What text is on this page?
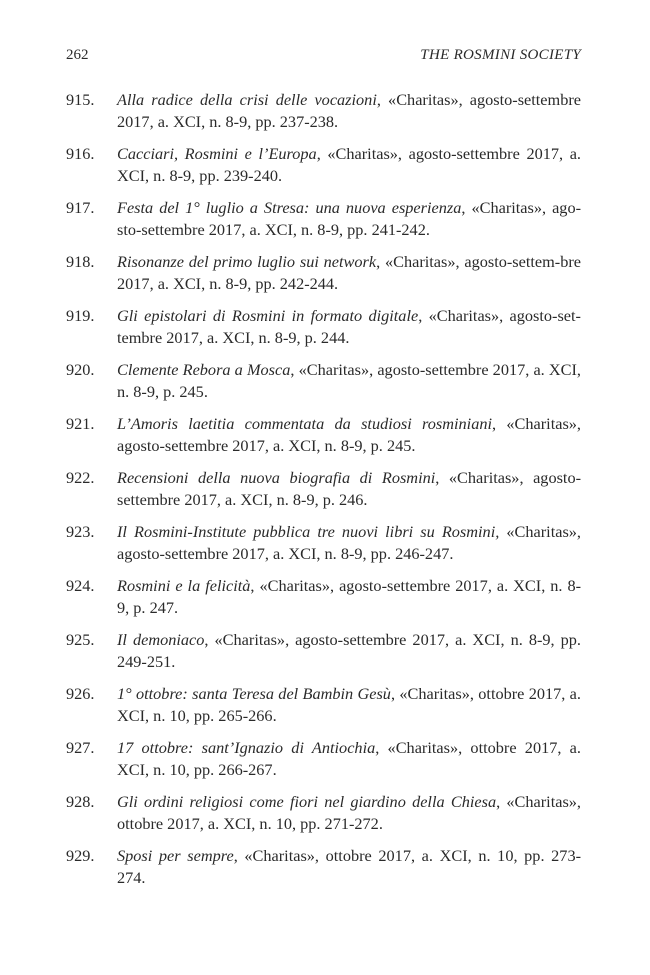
262	THE ROSMINI SOCIETY
915.	Alla radice della crisi delle vocazioni, «Charitas», agosto-settembre 2017, a. XCI, n. 8-9, pp. 237-238.
916.	Cacciari, Rosmini e l’Europa, «Charitas», agosto-settembre 2017, a. XCI, n. 8-9, pp. 239-240.
917.	Festa del 1° luglio a Stresa: una nuova esperienza, «Charitas», ago-sto-settembre 2017, a. XCI, n. 8-9, pp. 241-242.
918.	Risonanze del primo luglio sui network, «Charitas», agosto-settem-bre 2017, a. XCI, n. 8-9, pp. 242-244.
919.	Gli epistolari di Rosmini in formato digitale, «Charitas», agosto-set-tembre 2017, a. XCI, n. 8-9, p. 244.
920.	Clemente Rebora a Mosca, «Charitas», agosto-settembre 2017, a. XCI, n. 8-9, p. 245.
921.	L’Amoris laetitia commentata da studiosi rosminiani, «Charitas», agosto-settembre 2017, a. XCI, n. 8-9, p. 245.
922.	Recensioni della nuova biografia di Rosmini, «Charitas», agosto-settembre 2017, a. XCI, n. 8-9, p. 246.
923.	Il Rosmini-Institute pubblica tre nuovi libri su Rosmini, «Charitas», agosto-settembre 2017, a. XCI, n. 8-9, pp. 246-247.
924.	Rosmini e la felicità, «Charitas», agosto-settembre 2017, a. XCI, n. 8-9, p. 247.
925.	Il demoniaco, «Charitas», agosto-settembre 2017, a. XCI, n. 8-9, pp. 249-251.
926.	1° ottobre: santa Teresa del Bambin Gesù, «Charitas», ottobre 2017, a. XCI, n. 10, pp. 265-266.
927.	17 ottobre: sant’Ignazio di Antiochia, «Charitas», ottobre 2017, a. XCI, n. 10, pp. 266-267.
928.	Gli ordini religiosi come fiori nel giardino della Chiesa, «Charitas», ottobre 2017, a. XCI, n. 10, pp. 271-272.
929.	Sposi per sempre, «Charitas», ottobre 2017, a. XCI, n. 10, pp. 273-274.
